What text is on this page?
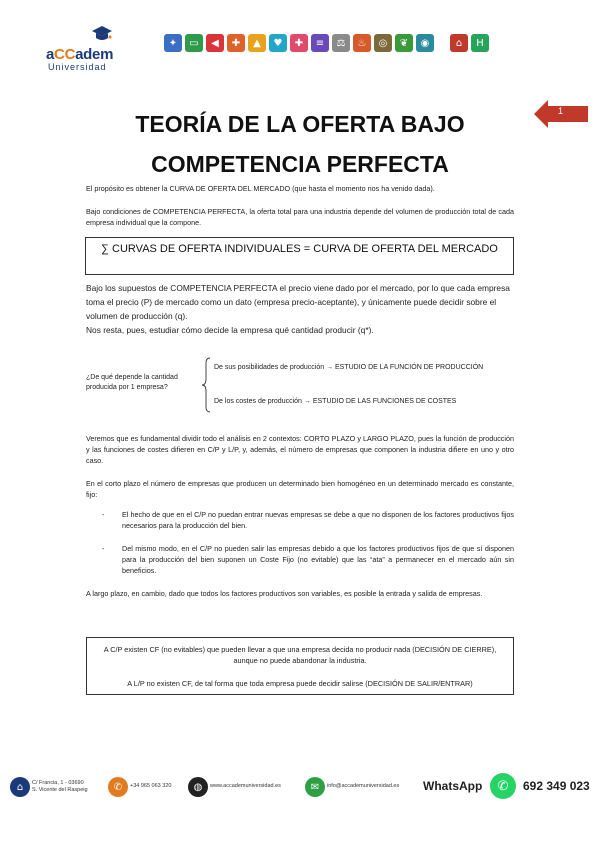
aCCadem
Universidad
✦	▭	◀	✚	▲	♥	✚	≡	⚖	♨	◎	❦	◉	⌂	H
1
TEORÍA DE LA OFERTA BAJO COMPETENCIA PERFECTA
El propósito es obtener la CURVA DE OFERTA DEL MERCADO (que hasta el momento nos ha venido dada).
Bajo condiciones de COMPETENCIA PERFECTA, la oferta total para una industria depende del volumen de producción total de cada empresa individual que la compone.
∑ CURVAS DE OFERTA INDIVIDUALES = CURVA DE OFERTA DEL MERCADO
Bajo los supuestos de COMPETENCIA PERFECTA el precio viene dado por el mercado, por lo que cada empresa toma el precio (P) de mercado como un dato (empresa precio-aceptante), y únicamente puede decidir sobre el volumen de producción (q).
Nos resta, pues, estudiar cómo decide la empresa qué cantidad producir (q*).
¿De qué depende la cantidad producida por 1 empresa?
De sus posibilidades de producción → ESTUDIO DE LA FUNCIÓN DE PRODUCCIÓN
De los costes de producción → ESTUDIO DE LAS FUNCIONES DE COSTES
Veremos que es fundamental dividir todo el análisis en 2 contextos: CORTO PLAZO y LARGO PLAZO, pues la función de producción y las funciones de costes difieren en C/P y L/P, y, además, el número de empresas que componen la industria difiere en uno y otro caso.
En el corto plazo el número de empresas que producen un determinado bien homogéneo en un determinado mercado es constante, fijo:
- El hecho de que en el C/P no puedan entrar nuevas empresas se debe a que no disponen de los factores productivos fijos necesarios para la producción del bien.
- Del mismo modo, en el C/P no pueden salir las empresas debido a que los factores productivos fijos de que sí disponen para la producción del bien suponen un Coste Fijo (no evitable) que las “ata” a permanecer en el mercado aún sin beneficios.
A largo plazo, en cambio, dado que todos los factores productivos son variables, es posible la entrada y salida de empresas.
A C/P existen CF (no evitables) que pueden llevar a que una empresa decida no producir nada (DECISIÓN DE CIERRE), aunque no puede abandonar la industria.
A L/P no existen CF, de tal forma que toda empresa puede decidir salirse (DECISIÓN DE SALIR/ENTRAR)
⌂	C/ Francia, 1 - 03690
S. Vicente del Raspeig	✆	+34 965 063 320	◍	www.accademuniversidad.es	✉	info@accademuniversidad.es WhatsApp	✆	692 349 023
